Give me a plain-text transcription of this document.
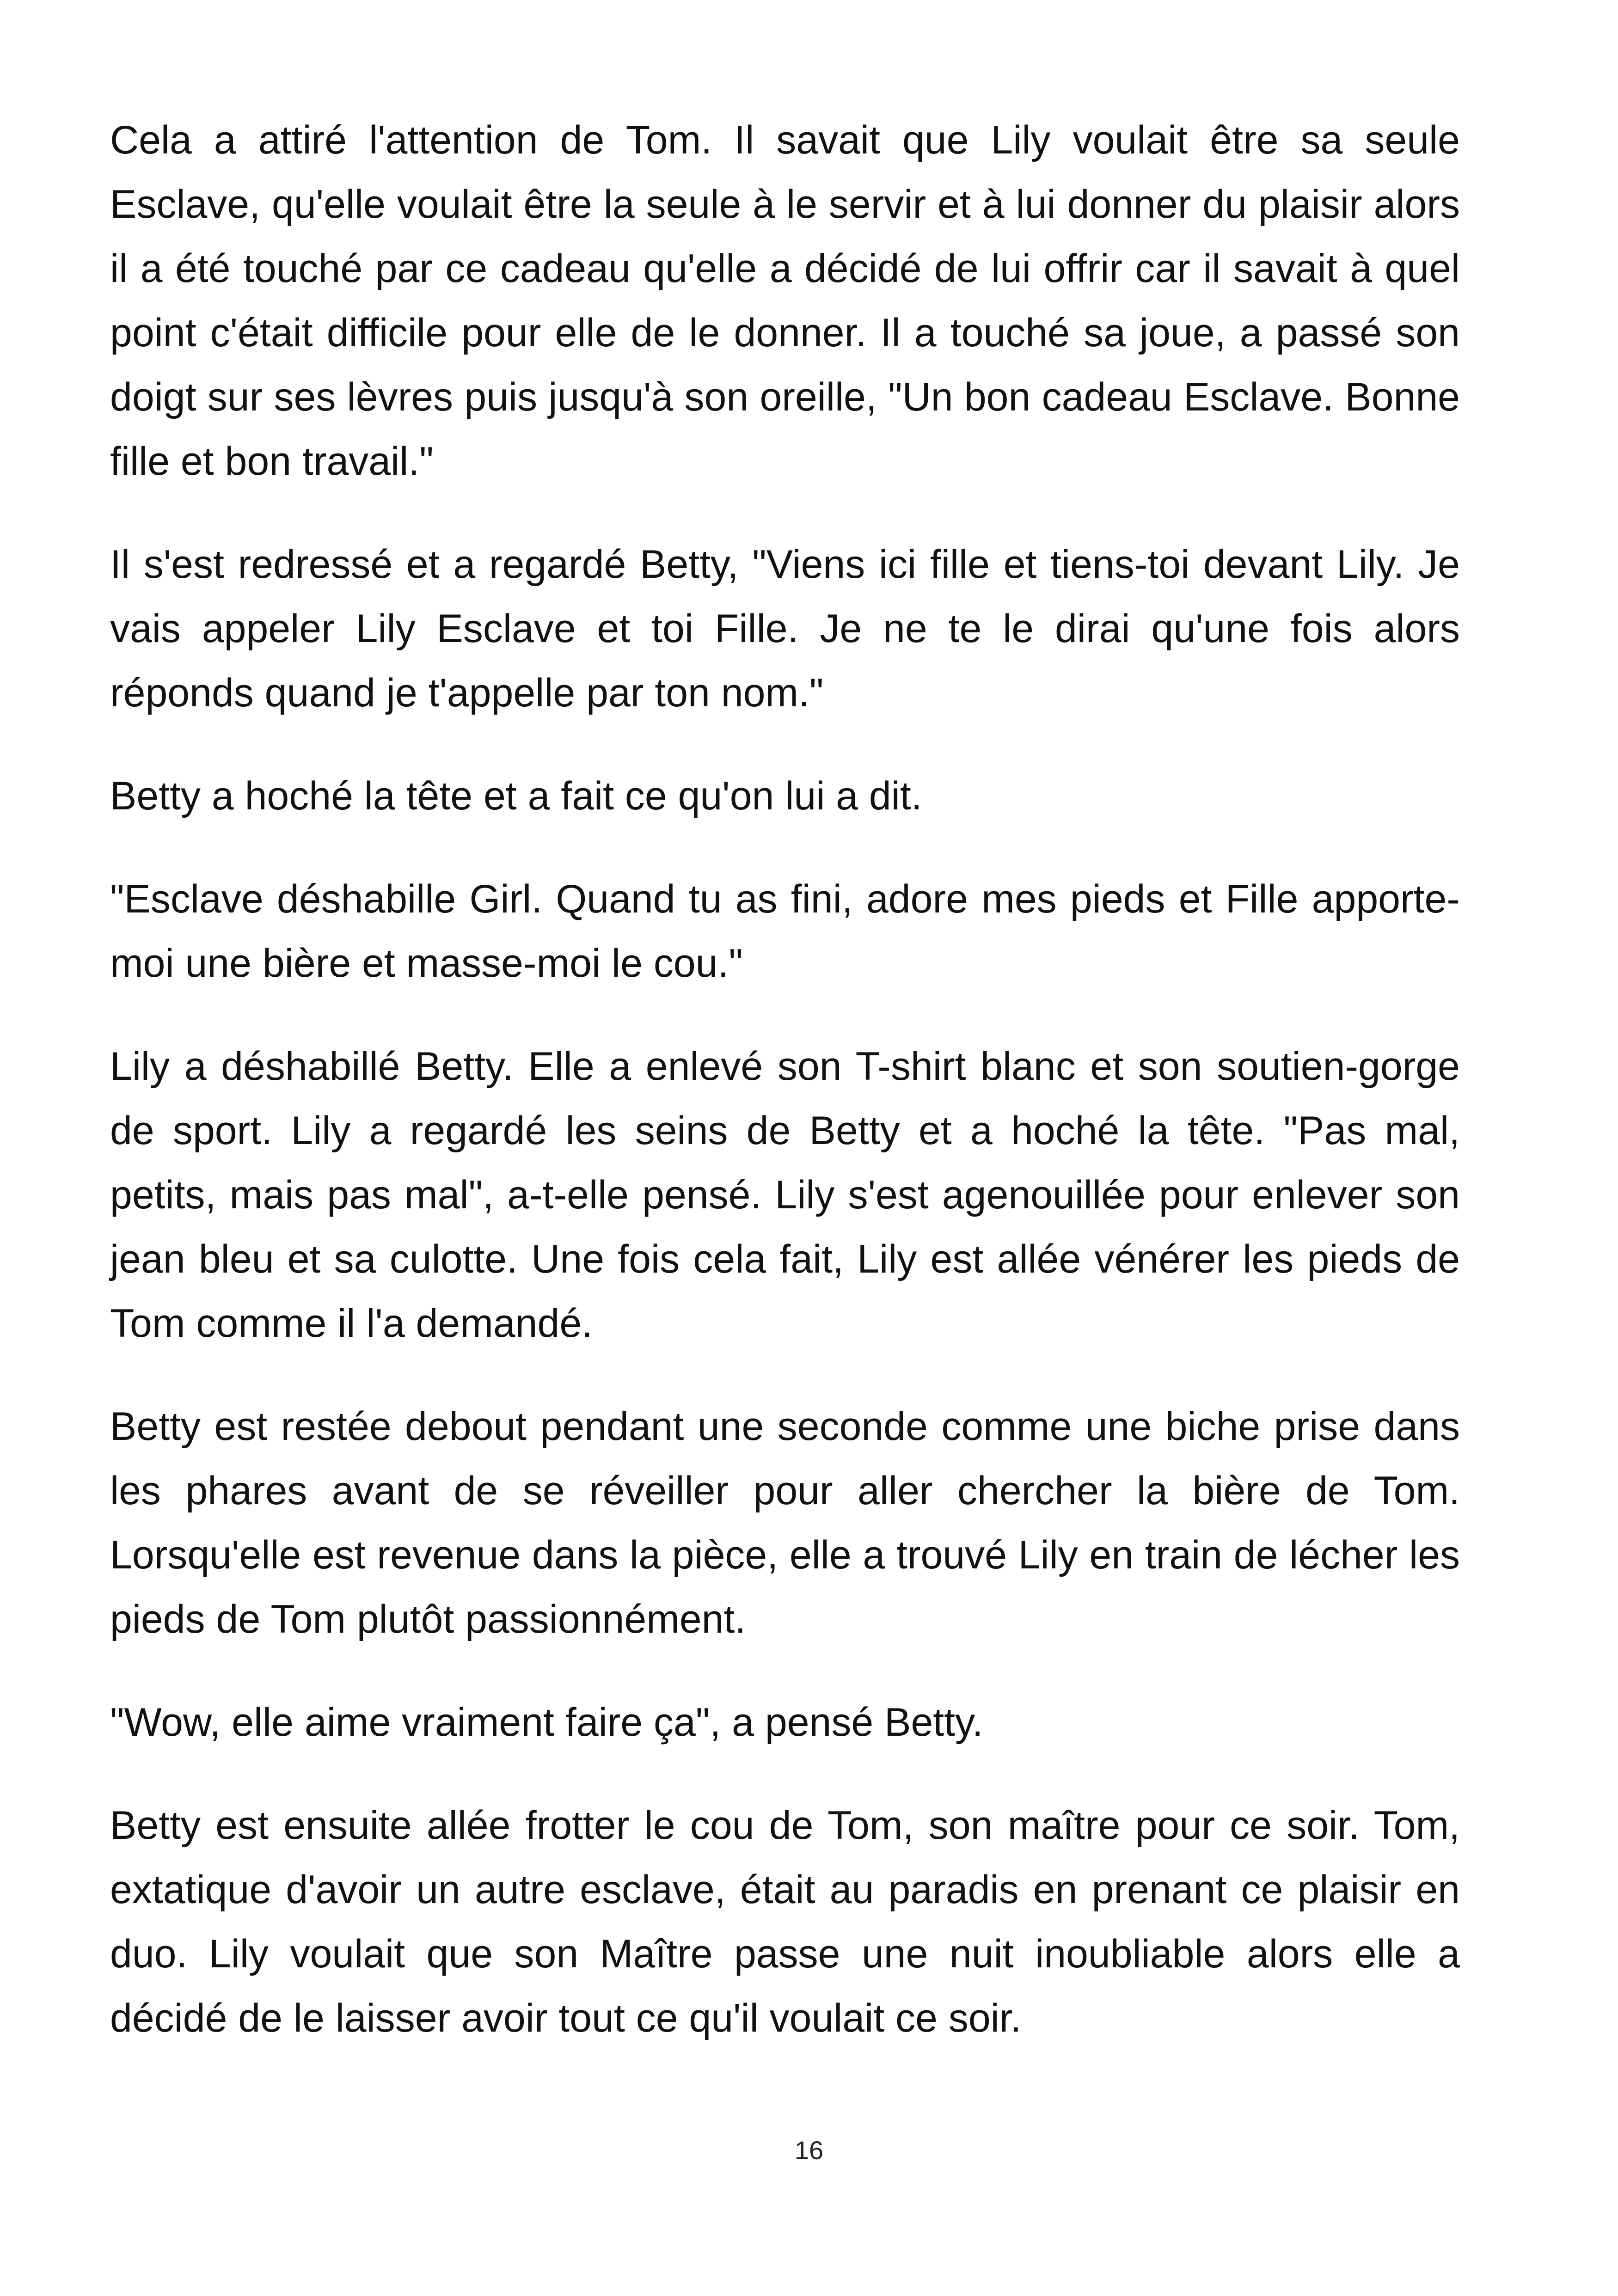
Cela a attiré l'attention de Tom. Il savait que Lily voulait être sa seule Esclave, qu'elle voulait être la seule à le servir et à lui donner du plaisir alors il a été touché par ce cadeau qu'elle a décidé de lui offrir car il savait à quel point c'était difficile pour elle de le donner. Il a touché sa joue, a passé son doigt sur ses lèvres puis jusqu'à son oreille, "Un bon cadeau Esclave. Bonne fille et bon travail."

Il s'est redressé et a regardé Betty, "Viens ici fille et tiens-toi devant Lily. Je vais appeler Lily Esclave et toi Fille. Je ne te le dirai qu'une fois alors réponds quand je t'appelle par ton nom."

Betty a hoché la tête et a fait ce qu'on lui a dit.

"Esclave déshabille Girl. Quand tu as fini, adore mes pieds et Fille apporte-moi une bière et masse-moi le cou."

Lily a déshabillé Betty. Elle a enlevé son T-shirt blanc et son soutien-gorge de sport. Lily a regardé les seins de Betty et a hoché la tête. "Pas mal, petits, mais pas mal", a-t-elle pensé. Lily s'est agenouillée pour enlever son jean bleu et sa culotte. Une fois cela fait, Lily est allée vénérer les pieds de Tom comme il l'a demandé.

Betty est restée debout pendant une seconde comme une biche prise dans les phares avant de se réveiller pour aller chercher la bière de Tom. Lorsqu'elle est revenue dans la pièce, elle a trouvé Lily en train de lécher les pieds de Tom plutôt passionnément.

"Wow, elle aime vraiment faire ça", a pensé Betty.

Betty est ensuite allée frotter le cou de Tom, son maître pour ce soir. Tom, extatique d'avoir un autre esclave, était au paradis en prenant ce plaisir en duo. Lily voulait que son Maître passe une nuit inoubliable alors elle a décidé de le laisser avoir tout ce qu'il voulait ce soir.

16
